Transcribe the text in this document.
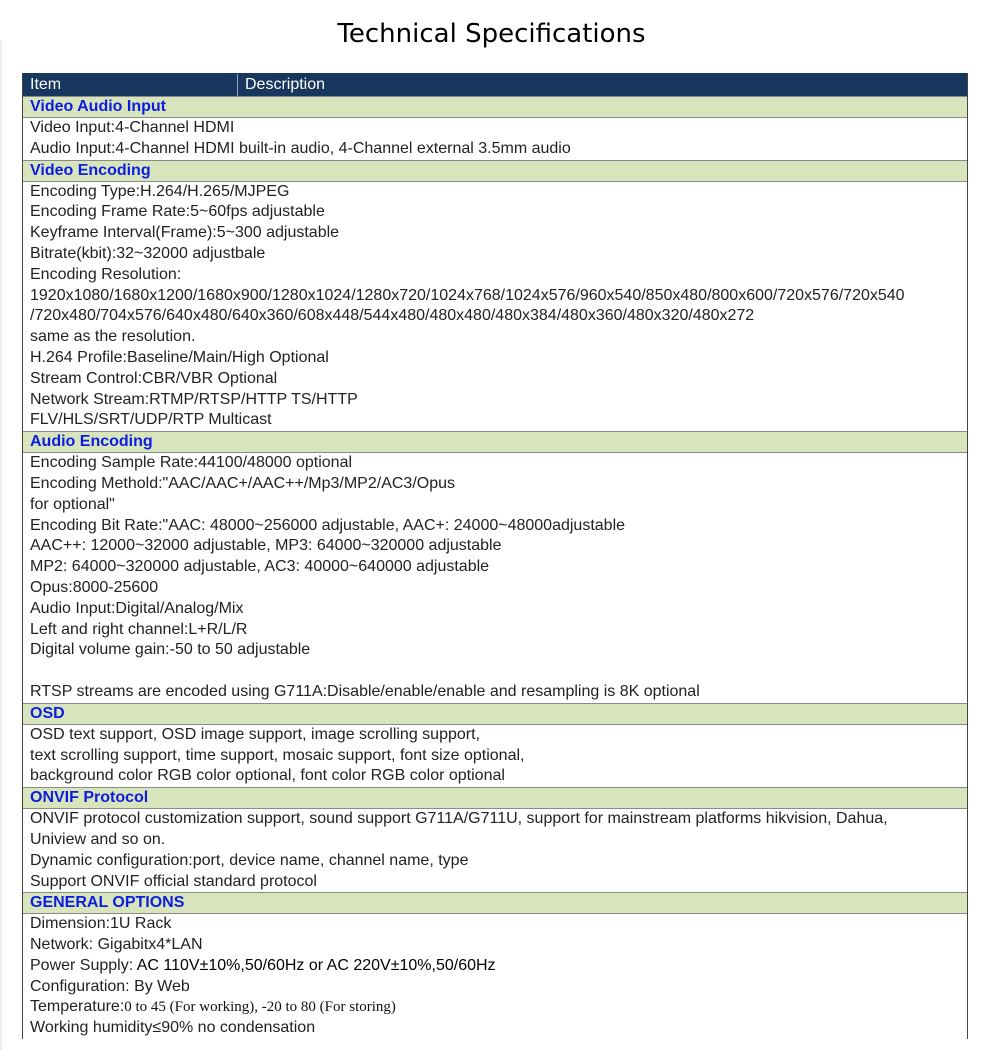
Technical Specifications
Item	Description
Video Audio Input
Video Input:4-Channel HDMI
Audio Input:4-Channel HDMI built-in audio, 4-Channel external 3.5mm audio
Video Encoding
Encoding Type:H.264/H.265/MJPEG
Encoding Frame Rate:5~60fps adjustable
Keyframe Interval(Frame):5~300 adjustable
Bitrate(kbit):32~32000 adjustbale
Encoding Resolution:
1920x1080/1680x1200/1680x900/1280x1024/1280x720/1024x768/1024x576/960x540/850x480/800x600/720x576/720x540
/720x480/704x576/640x480/640x360/608x448/544x480/480x480/480x384/480x360/480x320/480x272
same as the resolution.
H.264 Profile:Baseline/Main/High Optional
Stream Control:CBR/VBR Optional
Network Stream:RTMP/RTSP/HTTP TS/HTTP
FLV/HLS/SRT/UDP/RTP Multicast
Audio Encoding
Encoding Sample Rate:44100/48000 optional
Encoding Methold:"AAC/AAC+/AAC++/Mp3/MP2/AC3/Opus
for optional"
Encoding Bit Rate:"AAC: 48000~256000 adjustable, AAC+: 24000~48000adjustable
AAC++: 12000~32000 adjustable, MP3: 64000~320000 adjustable
MP2: 64000~320000 adjustable, AC3: 40000~640000 adjustable
Opus:8000-25600
Audio Input:Digital/Analog/Mix
Left and right channel:L+R/L/R
Digital volume gain:-50 to 50 adjustable
RTSP streams are encoded using G711A:Disable/enable/enable and resampling is 8K optional
OSD
OSD text support, OSD image support, image scrolling support,
text scrolling support, time support, mosaic support, font size optional,
background color RGB color optional, font color RGB color optional
ONVIF Protocol
ONVIF protocol customization support, sound support G711A/G711U, support for mainstream platforms hikvision, Dahua,
Uniview and so on.
Dynamic configuration:port, device name, channel name, type
Support ONVIF official standard protocol
GENERAL OPTIONS
Dimension:1U Rack
Network: Gigabitx4*LAN
Power Supply: AC 110V±10%,50/60Hz or AC 220V±10%,50/60Hz
Configuration: By Web
Temperature:0 to 45 (For working), -20 to 80 (For storing)
Working humidity≤90% no condensation
